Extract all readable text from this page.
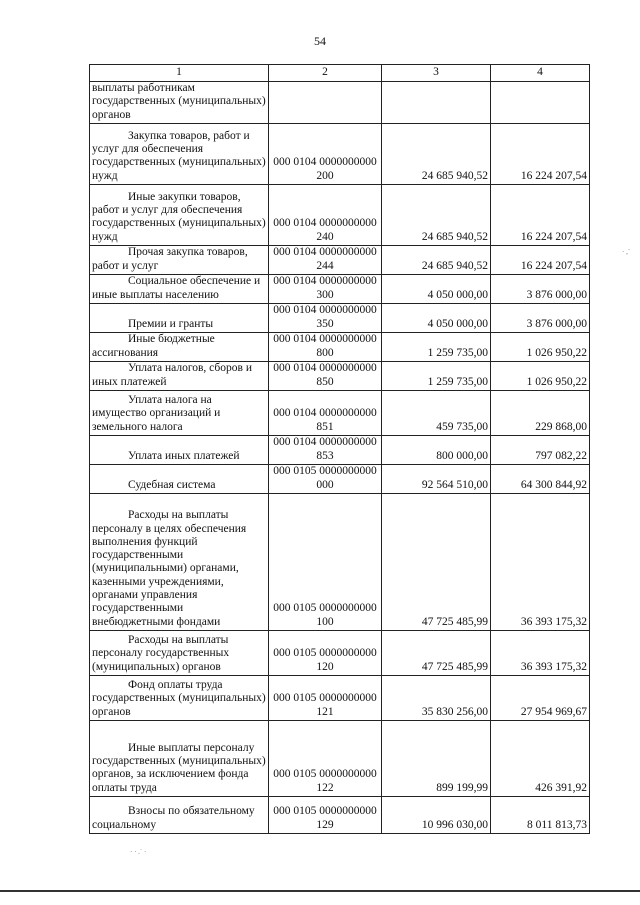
54
1	2	3	4

выплаты работникам государственных (муниципальных) органов			

Закупка товаров, работ и услуг для обеспечения государственных (муниципальных) нужд	000 0104 0000000000 200	24 685 940,52	16 224 207,54

Иные закупки товаров, работ и услуг для обеспечения государственных (муниципальных) нужд	000 0104 0000000000 240	24 685 940,52	16 224 207,54

Прочая закупка товаров, работ и услуг	000 0104 0000000000 244	24 685 940,52	16 224 207,54

Социальное обеспечение и иные выплаты населению	000 0104 0000000000 300	4 050 000,00	3 876 000,00

Премии и гранты	000 0104 0000000000 350	4 050 000,00	3 876 000,00

Иные бюджетные ассигнования	000 0104 0000000000 800	1 259 735,00	1 026 950,22

Уплата налогов, сборов и иных платежей	000 0104 0000000000 850	1 259 735,00	1 026 950,22

Уплата налога на имущество организаций и земельного налога	000 0104 0000000000 851	459 735,00	229 868,00

Уплата иных платежей	000 0104 0000000000 853	800 000,00	797 082,22

Судебная система	000 0105 0000000000 000	92 564 510,00	64 300 844,92

Расходы на выплаты персоналу в целях обеспечения выполнения функций государственными (муниципальными) органами, казенными учреждениями, органами управления государственными внебюджетными фондами	000 0105 0000000000 100	47 725 485,99	36 393 175,32

Расходы на выплаты персоналу государственных (муниципальных) органов	000 0105 0000000000 120	47 725 485,99	36 393 175,32

Фонд оплаты труда государственных (муниципальных) органов	000 0105 0000000000 121	35 830 256,00	27 954 969,67

Иные выплаты персоналу государственных (муниципальных) органов, за исключением фонда оплаты труда	000 0105 0000000000 122	899 199,99	426 391,92

Взносы по обязательному социальному	000 0105 0000000000 129	10 996 030,00	8 011 813,73
· ,ˊ
· · .˙ ·
